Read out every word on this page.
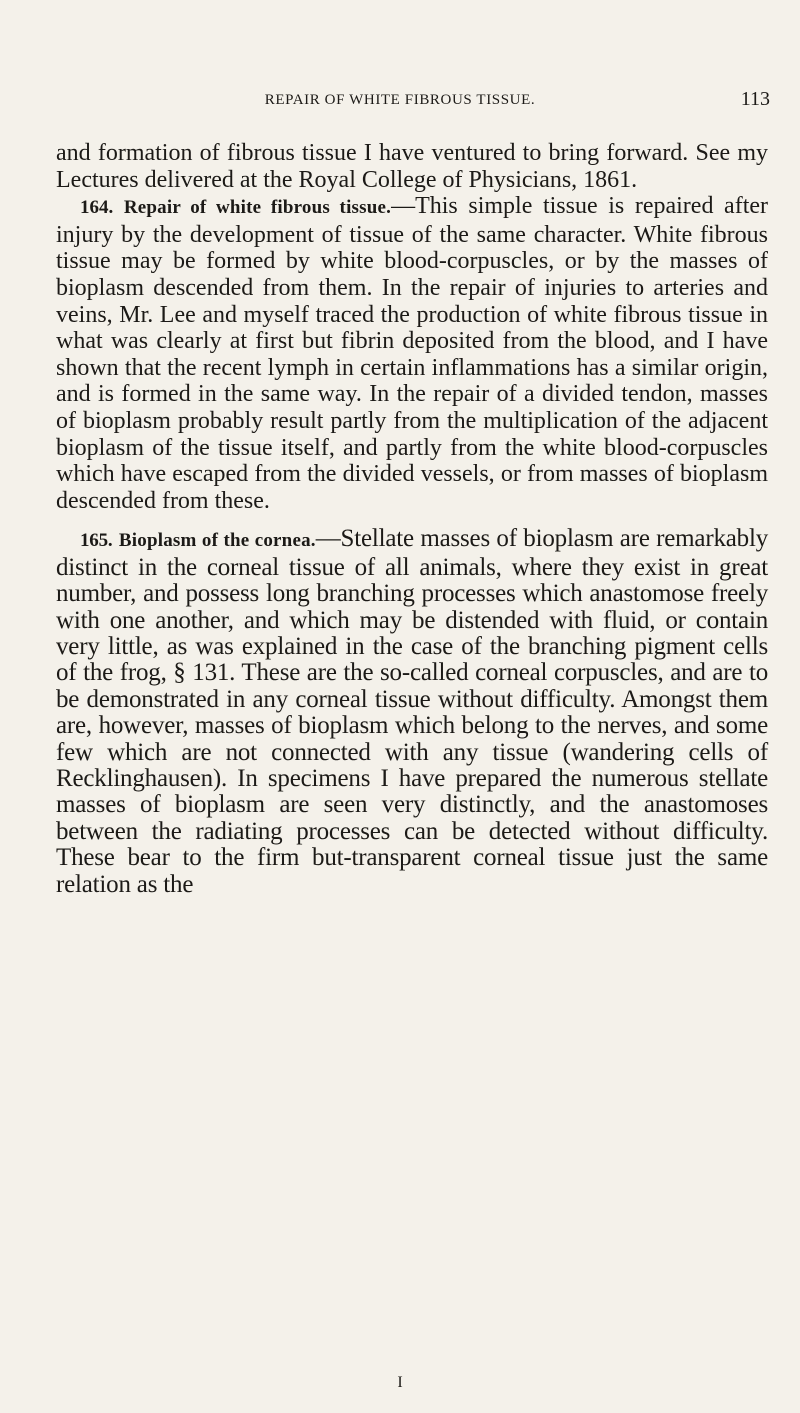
REPAIR OF WHITE FIBROUS TISSUE.	113

and formation of fibrous tissue I have ventured to bring forward. See my Lectures delivered at the Royal College of Physicians, 1861.

164. Repair of white fibrous tissue.—This simple tissue is repaired after injury by the development of tissue of the same character. White fibrous tissue may be formed by white blood-corpuscles, or by the masses of bioplasm descended from them. In the repair of injuries to arteries and veins, Mr. Lee and myself traced the production of white fibrous tissue in what was clearly at first but fibrin deposited from the blood, and I have shown that the recent lymph in certain inflammations has a similar origin, and is formed in the same way. In the repair of a divided tendon, masses of bioplasm probably result partly from the multiplication of the adjacent bioplasm of the tissue itself, and partly from the white blood-corpuscles which have escaped from the divided vessels, or from masses of bioplasm descended from these.

165. Bioplasm of the cornea.—Stellate masses of bioplasm are remarkably distinct in the corneal tissue of all animals, where they exist in great number, and possess long branching processes which anastomose freely with one another, and which may be distended with fluid, or contain very little, as was explained in the case of the branching pigment cells of the frog, § 131. These are the so-called corneal corpuscles, and are to be demonstrated in any corneal tissue without difficulty. Amongst them are, however, masses of bioplasm which belong to the nerves, and some few which are not connected with any tissue (wandering cells of Recklinghausen). In specimens I have prepared the numerous stellate masses of bioplasm are seen very distinctly, and the anastomoses between the radiating processes can be detected without difficulty. These bear to the firm but-transparent corneal tissue just the same relation as the

I
